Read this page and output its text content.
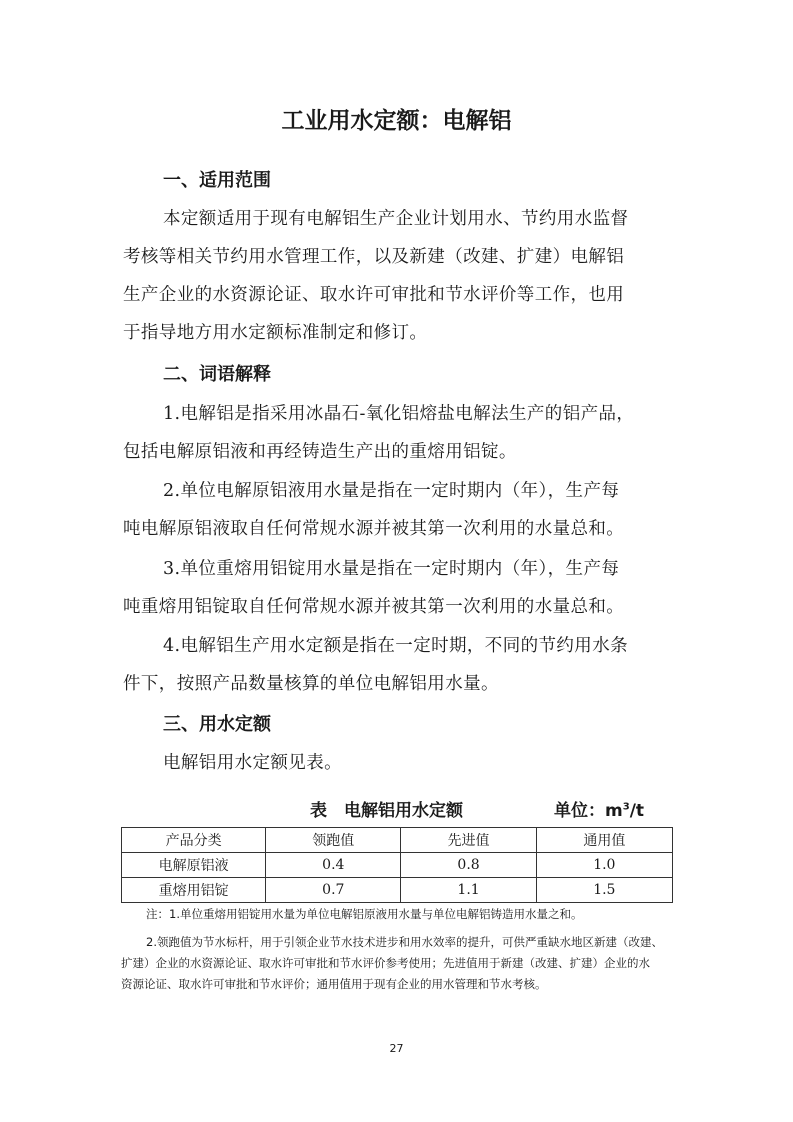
工业用水定额：电解铝
一、适用范围
本定额适用于现有电解铝生产企业计划用水、节约用水监督
考核等相关节约用水管理工作，以及新建（改建、扩建）电解铝
生产企业的水资源论证、取水许可审批和节水评价等工作，也用
于指导地方用水定额标准制定和修订。
二、词语解释
1.电解铝是指采用冰晶石-氧化铝熔盐电解法生产的铝产品，
包括电解原铝液和再经铸造生产出的重熔用铝锭。
2.单位电解原铝液用水量是指在一定时期内（年），生产每
吨电解原铝液取自任何常规水源并被其第一次利用的水量总和。
3.单位重熔用铝锭用水量是指在一定时期内（年），生产每
吨重熔用铝锭取自任何常规水源并被其第一次利用的水量总和。
4.电解铝生产用水定额是指在一定时期，不同的节约用水条
件下，按照产品数量核算的单位电解铝用水量。
三、用水定额
电解铝用水定额见表。
表　电解铝用水定额	单位：$m^3/t$
产品分类	领跑值	先进值	通用值
电解原铝液	0.4	0.8	1.0
重熔用铝锭	0.7	1.1	1.5
注：1.单位重熔用铝锭用水量为单位电解铝原液用水量与单位电解铝铸造用水量之和。
2.领跑值为节水标杆，用于引领企业节水技术进步和用水效率的提升，可供严重缺水地区新建（改建、
扩建）企业的水资源论证、取水许可审批和节水评价参考使用；先进值用于新建（改建、扩建）企业的水
资源论证、取水许可审批和节水评价；通用值用于现有企业的用水管理和节水考核。
27
